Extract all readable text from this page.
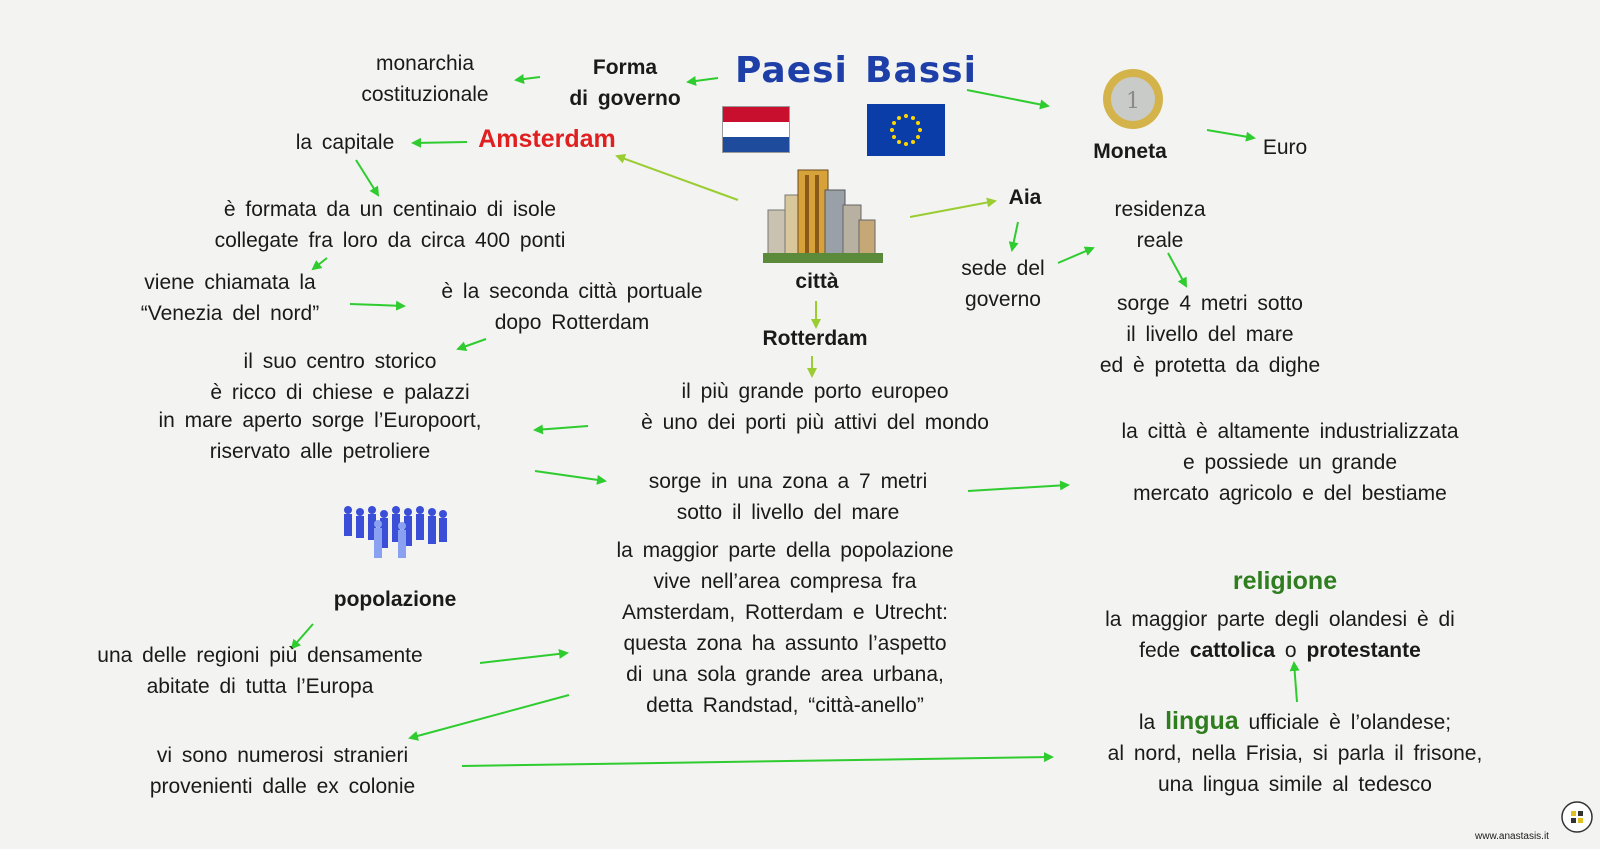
Paesi Bassi
1
Forma
di governo
monarchia
costituzionale
Moneta	Euro
Amsterdam
la capitale
è formata da un centinaio di isole
collegate fra loro da circa 400 ponti
viene chiamata la
“Venezia del nord”
è la seconda città portuale
dopo Rotterdam
il suo centro storico
è ricco di chiese e palazzi
città
Aia
residenza
reale
sede del
governo	sorge 4 metri sotto
il livello del mare
ed è protetta da dighe
Rotterdam
il più grande porto europeo
è uno dei porti più attivi del mondo
in mare aperto sorge l’Europoort,
riservato alle petroliere
sorge in una zona a 7 metri
sotto il livello del mare
la città è altamente industrializzata
e possiede un grande
mercato agricolo e del bestiame
popolazione
una delle regioni più densamente
abitate di tutta l’Europa
la maggior parte della popolazione
vive nell’area compresa fra
Amsterdam, Rotterdam e Utrecht:
questa zona ha assunto l’aspetto
di una sola grande area urbana,
detta Randstad, “città-anello”
vi sono numerosi stranieri
provenienti dalle ex colonie
religione
la maggior parte degli olandesi è di
fede cattolica o protestante
la lingua ufficiale è l’olandese;
al nord, nella Frisia, si parla il frisone,
una lingua simile al tedesco
www.anastasis.it
